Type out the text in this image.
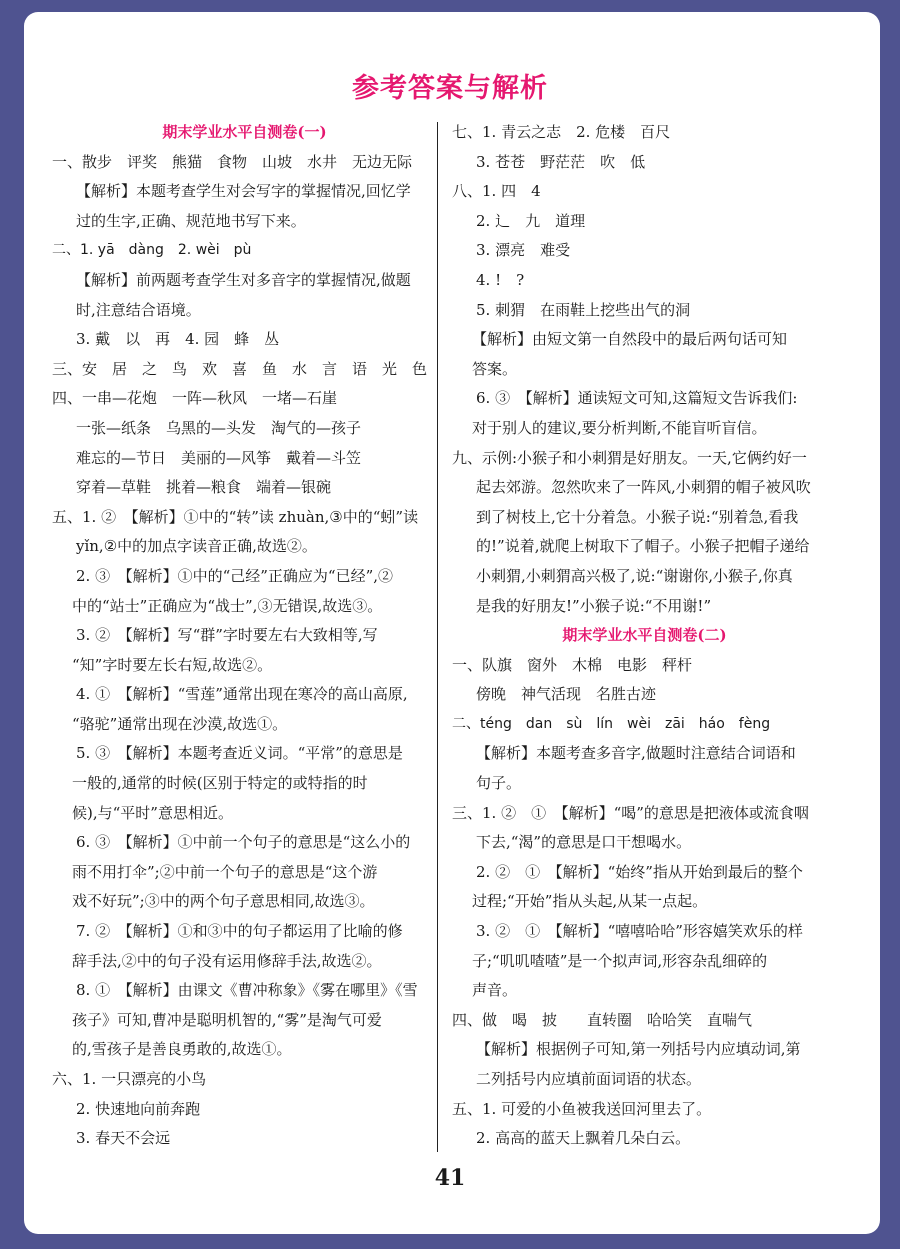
参考答案与解析
期末学业水平自测卷(一)
一、散步　评奖　熊猫　食物　山坡　水井　无边无际
【解析】本题考查学生对会写字的掌握情况,回忆学
过的生字,正确、规范地书写下来。
二、1. yā　dàng　2. wèi　pù
【解析】前两题考查学生对多音字的掌握情况,做题
时,注意结合语境。
3. 戴　以　再　4. 园　蜂　丛
三、安　居　之　鸟　欢　喜　鱼　水　言　语　光　色
四、一串—花炮　一阵—秋风　一堵—石崖
一张—纸条　乌黑的—头发　淘气的—孩子
难忘的—节日　美丽的—风筝　戴着—斗笠
穿着—草鞋　挑着—粮食　端着—银碗
五、1. ②　【解析】①中的“转”读 zhuàn,③中的“蚓”读
yǐn,②中的加点字读音正确,故选②。
2. ③　【解析】①中的“己经”正确应为“已经”,②
中的“站士”正确应为“战士”,③无错误,故选③。
3. ②　【解析】写“群”字时要左右大致相等,写
“知”字时要左长右短,故选②。
4. ①　【解析】“雪莲”通常出现在寒冷的高山高原,
“骆驼”通常出现在沙漠,故选①。
5. ③　【解析】本题考查近义词。“平常”的意思是
一般的,通常的时候(区别于特定的或特指的时
候),与“平时”意思相近。
6. ③　【解析】①中前一个句子的意思是“这么小的
雨不用打伞”;②中前一个句子的意思是“这个游
戏不好玩”;③中的两个句子意思相同,故选③。
7. ②　【解析】①和③中的句子都运用了比喻的修
辞手法,②中的句子没有运用修辞手法,故选②。
8. ①　【解析】由课文《曹冲称象》《雾在哪里》《雪
孩子》可知,曹冲是聪明机智的,“雾”是淘气可爱
的,雪孩子是善良勇敢的,故选①。
六、1. 一只漂亮的小鸟
2. 快速地向前奔跑
3. 春天不会远
七、1. 青云之志　2. 危楼　百尺
3. 苍苍　野茫茫　吹　低
八、1. 四　4
2. 辶　九　道理
3. 漂亮　难受
4. !　?
5. 刺猬　在雨鞋上挖些出气的洞
【解析】由短文第一自然段中的最后两句话可知
答案。
6. ③　【解析】通读短文可知,这篇短文告诉我们:
对于别人的建议,要分析判断,不能盲听盲信。
九、示例:小猴子和小刺猬是好朋友。一天,它俩约好一
起去郊游。忽然吹来了一阵风,小刺猬的帽子被风吹
到了树枝上,它十分着急。小猴子说:“别着急,看我
的!”说着,就爬上树取下了帽子。小猴子把帽子递给
小刺猬,小刺猬高兴极了,说:“谢谢你,小猴子,你真
是我的好朋友!”小猴子说:“不用谢!”
期末学业水平自测卷(二)
一、队旗　窗外　木棉　电影　秤杆
傍晚　神气活现　名胜古迹
二、téng　dan　sù　lín　wèi　zāi　háo　fèng
【解析】本题考查多音字,做题时注意结合词语和
句子。
三、1. ②　①　【解析】“喝”的意思是把液体或流食咽
下去,“渴”的意思是口干想喝水。
2. ②　①　【解析】“始终”指从开始到最后的整个
过程;“开始”指从头起,从某一点起。
3. ②　①　【解析】“嘻嘻哈哈”形容嬉笑欢乐的样
子;“叽叽喳喳”是一个拟声词,形容杂乱细碎的
声音。
四、做　喝　披　　直转圈　哈哈笑　直喘气
【解析】根据例子可知,第一列括号内应填动词,第
二列括号内应填前面词语的状态。
五、1. 可爱的小鱼被我送回河里去了。
2. 高高的蓝天上飘着几朵白云。
41
